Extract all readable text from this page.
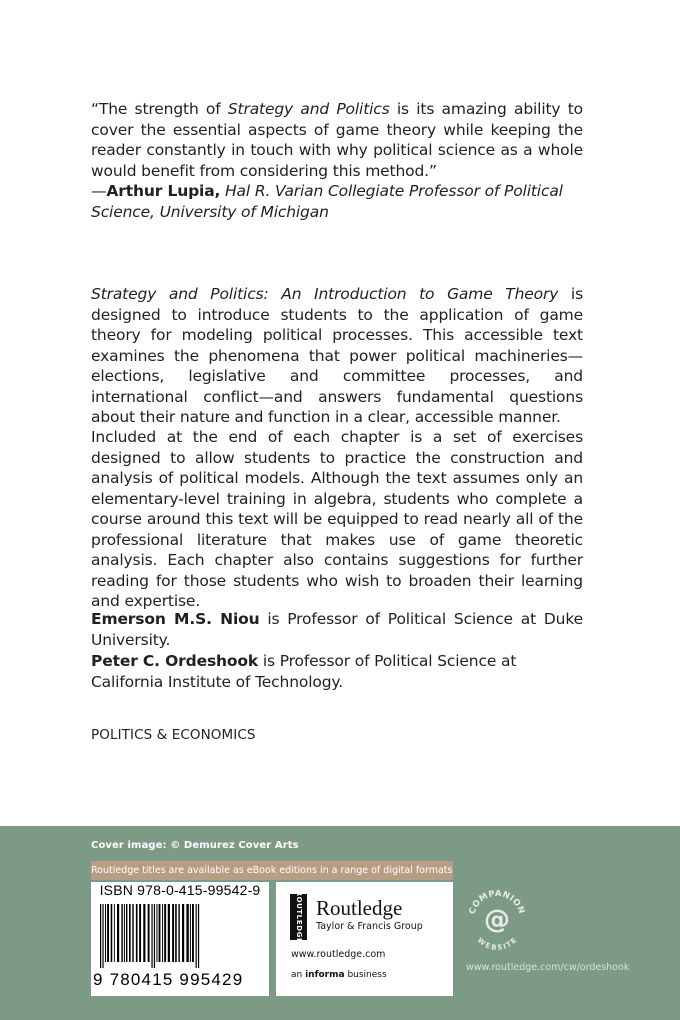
“The strength of Strategy and Politics is its amazing ability to cover the essential aspects of game theory while keeping the reader constantly in touch with why political science as a whole would benefit from considering this method.”

—Arthur Lupia, Hal R. Varian Collegiate Professor of Political Science, University of Michigan

Strategy and Politics: An Introduction to Game Theory is designed to introduce students to the application of game theory for modeling political processes. This accessible text examines the phenomena that power political machineries—elections, legislative and committee processes, and international conflict—and answers fundamental questions about their nature and function in a clear, accessible manner.

Included at the end of each chapter is a set of exercises designed to allow students to practice the construction and analysis of political models. Although the text assumes only an elementary-level training in algebra, students who complete a course around this text will be equipped to read nearly all of the professional literature that makes use of game theoretic analysis. Each chapter also contains suggestions for further reading for those students who wish to broaden their learning and expertise.

Emerson M.S. Niou is Professor of Political Science at Duke University.

Peter C. Ordeshook is Professor of Political Science at California Institute of Technology.

POLITICS & ECONOMICS

Cover image: © Demurez Cover Arts
Routledge titles are available as eBook editions in a range of digital formats
ISBN 978-0-415-99542-9
9 780415 995429
ROUTLEDGE Routledge
Taylor & Francis Group
www.routledge.com
an informa business
COMPANION
@
WEBSITE
www.routledge.com/cw/ordeshook
